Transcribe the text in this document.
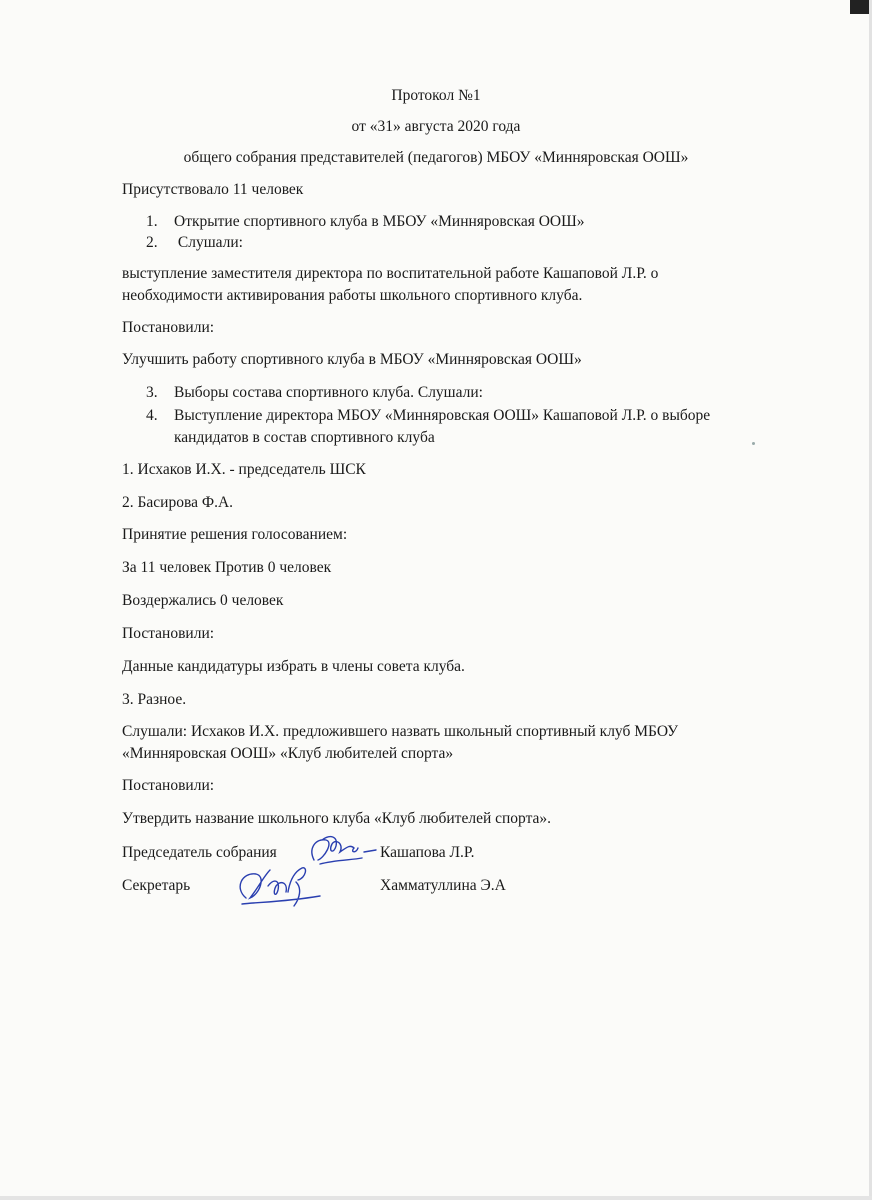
Протокол №1
от «31» августа 2020 года
общего собрания представителей (педагогов) МБОУ «Минняровская ООШ»
Присутствовало 11 человек
1. Открытие спортивного клуба в МБОУ «Минняровская ООШ»
2. Слушали:
выступление заместителя директора по воспитательной работе Кашаповой Л.Р. о
необходимости активирования работы школьного спортивного клуба.
Постановили:
Улучшить работу спортивного клуба в МБОУ «Минняровская ООШ»
3. Выборы состава спортивного клуба. Слушали:
4. Выступление директора МБОУ «Минняровская ООШ» Кашаповой Л.Р. о выборе
кандидатов в состав спортивного клуба
1. Исхаков И.Х. - председатель ШСК
2. Басирова Ф.А.
Принятие решения голосованием:
За 11 человек Против 0 человек
Воздержались 0 человек
Постановили:
Данные кандидатуры избрать в члены совета клуба.
3. Разное.
Слушали: Исхаков И.Х. предложившего назвать школьный спортивный клуб МБОУ
«Минняровская ООШ» «Клуб любителей спорта»
Постановили:
Утвердить название школьного клуба «Клуб любителей спорта».
Председатель собрания	Кашапова Л.Р.
Секретарь	Хамматуллина Э.А
